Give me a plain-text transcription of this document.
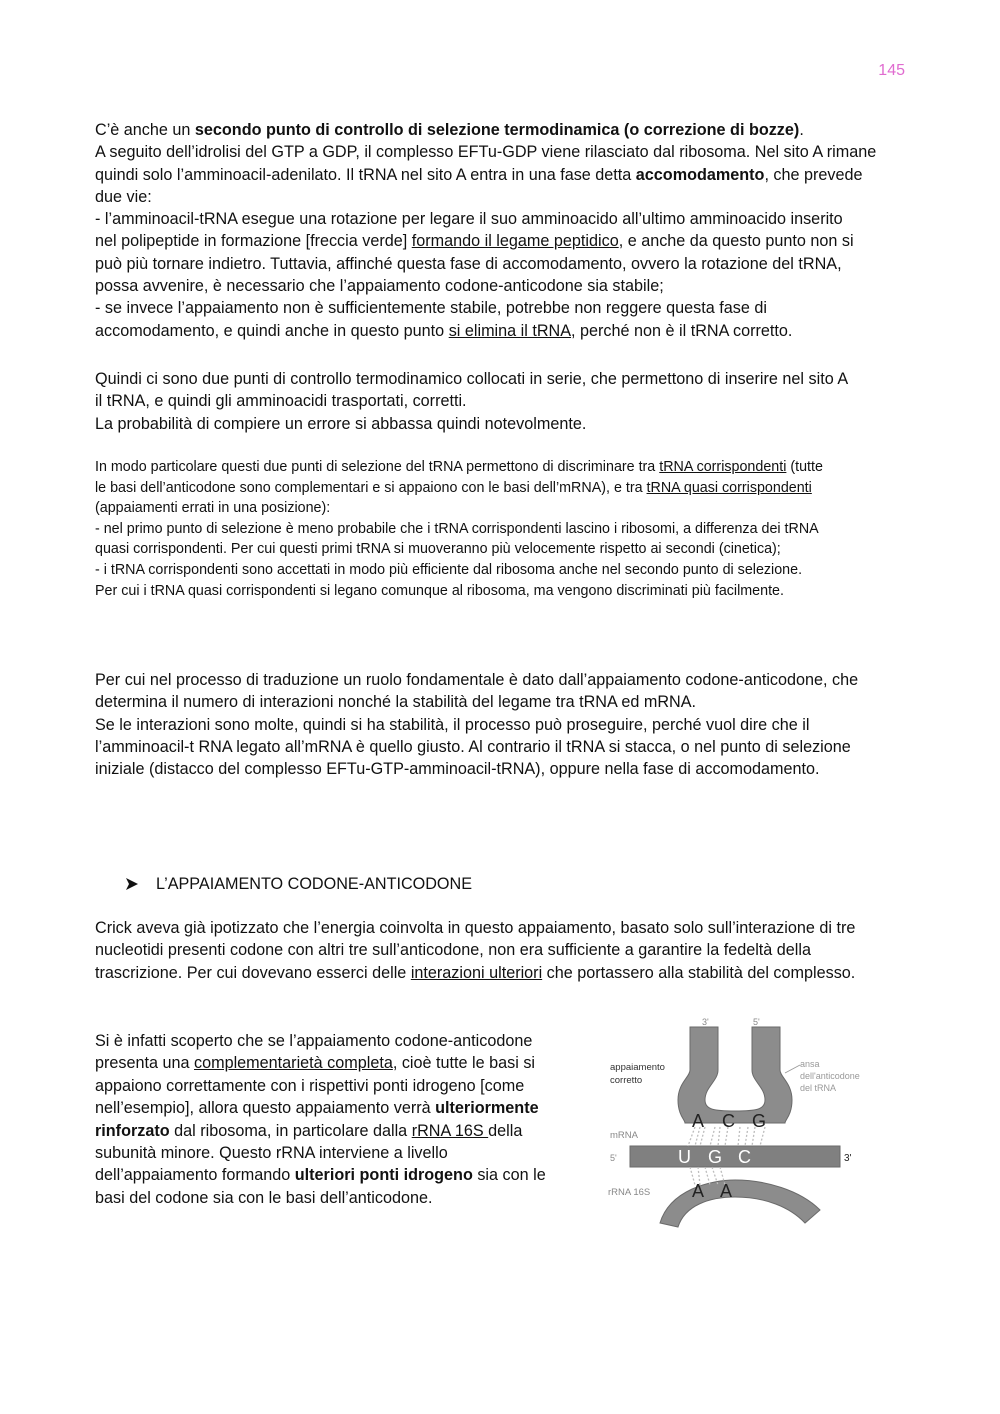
145
C’è anche un secondo punto di controllo di selezione termodinamica (o correzione di bozze).
A seguito dell’idrolisi del GTP a GDP, il complesso EFTu-GDP viene rilasciato dal ribosoma. Nel sito A rimane
quindi solo l’amminoacil-adenilato. Il tRNA nel sito A entra in una fase detta accomodamento, che prevede
due vie:
- l’amminoacil-tRNA esegue una rotazione per legare il suo amminoacido all’ultimo amminoacido inserito
nel polipeptide in formazione [freccia verde] formando il legame peptidico, e anche da questo punto non si
può più tornare indietro. Tuttavia, affinché questa fase di accomodamento, ovvero la rotazione del tRNA,
possa avvenire, è necessario che l’appaiamento codone-anticodone sia stabile;
- se invece l’appaiamento non è sufficientemente stabile, potrebbe non reggere questa fase di
accomodamento, e quindi anche in questo punto si elimina il tRNA, perché non è il tRNA corretto.
Quindi ci sono due punti di controllo termodinamico collocati in serie, che permettono di inserire nel sito A
il tRNA, e quindi gli amminoacidi trasportati, corretti.
La probabilità di compiere un errore si abbassa quindi notevolmente.
In modo particolare questi due punti di selezione del tRNA permettono di discriminare tra tRNA corrispondenti (tutte
le basi dell’anticodone sono complementari e si appaiono con le basi dell’mRNA), e tra tRNA quasi corrispondenti
(appaiamenti errati in una posizione):
- nel primo punto di selezione è meno probabile che i tRNA corrispondenti lascino i ribosomi, a differenza dei tRNA
quasi corrispondenti. Per cui questi primi tRNA si muoveranno più velocemente rispetto ai secondi (cinetica);
- i tRNA corrispondenti sono accettati in modo più efficiente dal ribosoma anche nel secondo punto di selezione.
Per cui i tRNA quasi corrispondenti si legano comunque al ribosoma, ma vengono discriminati più facilmente.
Per cui nel processo di traduzione un ruolo fondamentale è dato dall’appaiamento codone-anticodone, che
determina il numero di interazioni nonché la stabilità del legame tra tRNA ed mRNA.
Se le interazioni sono molte, quindi si ha stabilità, il processo può proseguire, perché vuol dire che il
l’amminoacil-t RNA legato all’mRNA è quello giusto. Al contrario il tRNA si stacca, o nel punto di selezione
iniziale (distacco del complesso EFTu-GTP-amminoacil-tRNA), oppure nella fase di accomodamento.
L’APPAIAMENTO CODONE-ANTICODONE
Crick aveva già ipotizzato che l’energia coinvolta in questo appaiamento, basato solo sull’interazione di tre
nucleotidi presenti codone con altri tre sull’anticodone, non era sufficiente a garantire la fedeltà della
trascrizione. Per cui dovevano esserci delle interazioni ulteriori che portassero alla stabilità del complesso.
Si è infatti scoperto che se l’appaiamento codone-anticodone
presenta una complementarietà completa, cioè tutte le basi si
appaiono correttamente con i rispettivi ponti idrogeno [come
nell’esempio], allora questo appaiamento verrà ulteriormente
rinforzato dal ribosoma, in particolare dalla rRNA 16S della
subunità minore. Questo rRNA interviene a livello
dell’appaiamento formando ulteriori ponti idrogeno sia con le
basi del codone sia con le basi dell’anticodone.
A C G
U G C
A A
3'	5'
appaiamento
corretto
ansa
dell'anticodone
del tRNA
mRNA
5'	3'
rRNA 16S
